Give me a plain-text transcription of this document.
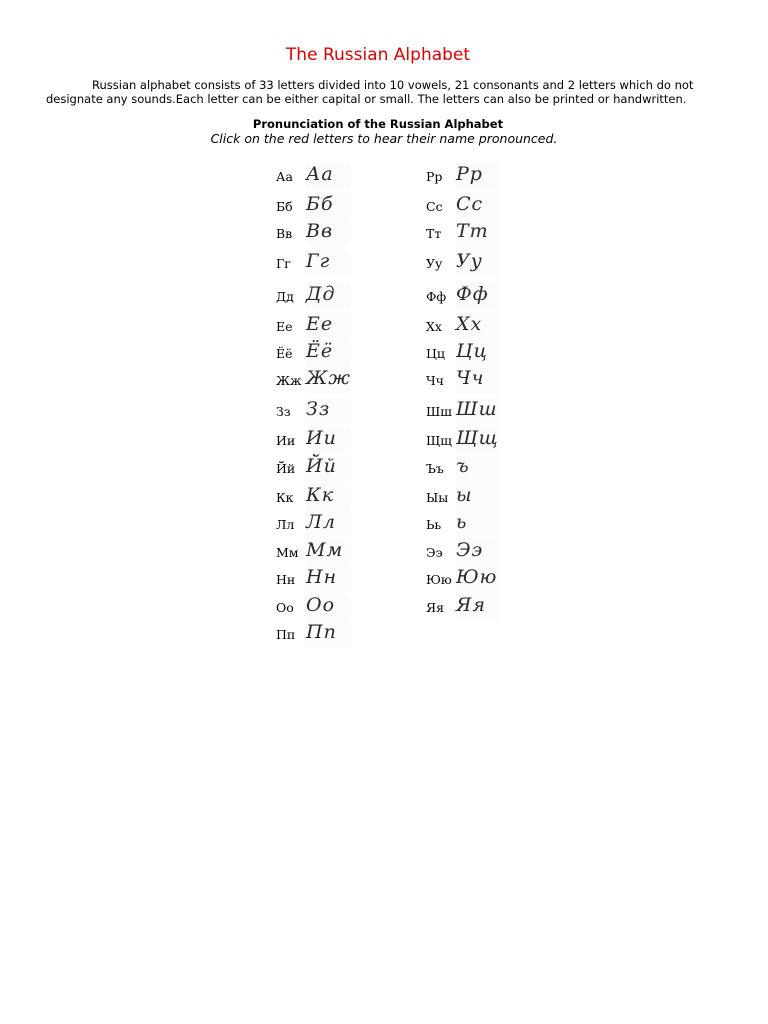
The Russian Alphabet

Russian alphabet consists of 33 letters divided into 10 vowels, 21 consonants and 2 letters which do not designate any sounds.Each letter can be either capital or small. The letters can also be printed or handwritten.

Pronunciation of the Russian Alphabet
Click on the red letters to hear their name pronounced.
Аа Аа
Бб Бб
Вв Вв
Гг Гг
Дд Дд
Ее Ее
Ёё Ёё
Жж Жж
Зз Зз
Ии Ии
Йй Йй
Кк Кк
Лл Лл
Мм Мм
Нн Нн
Оо Оо
Пп Пп
Рр Рр
Сс Сс
Тт Тт
Уу Уу
Фф Фф
Хх Хх
Цц Цц
Чч Чч
Шш Шш
Щщ Щщ
Ъъ ъ
Ыы ы
Ьь ь
Ээ Ээ
Юю Юю
Яя Яя
